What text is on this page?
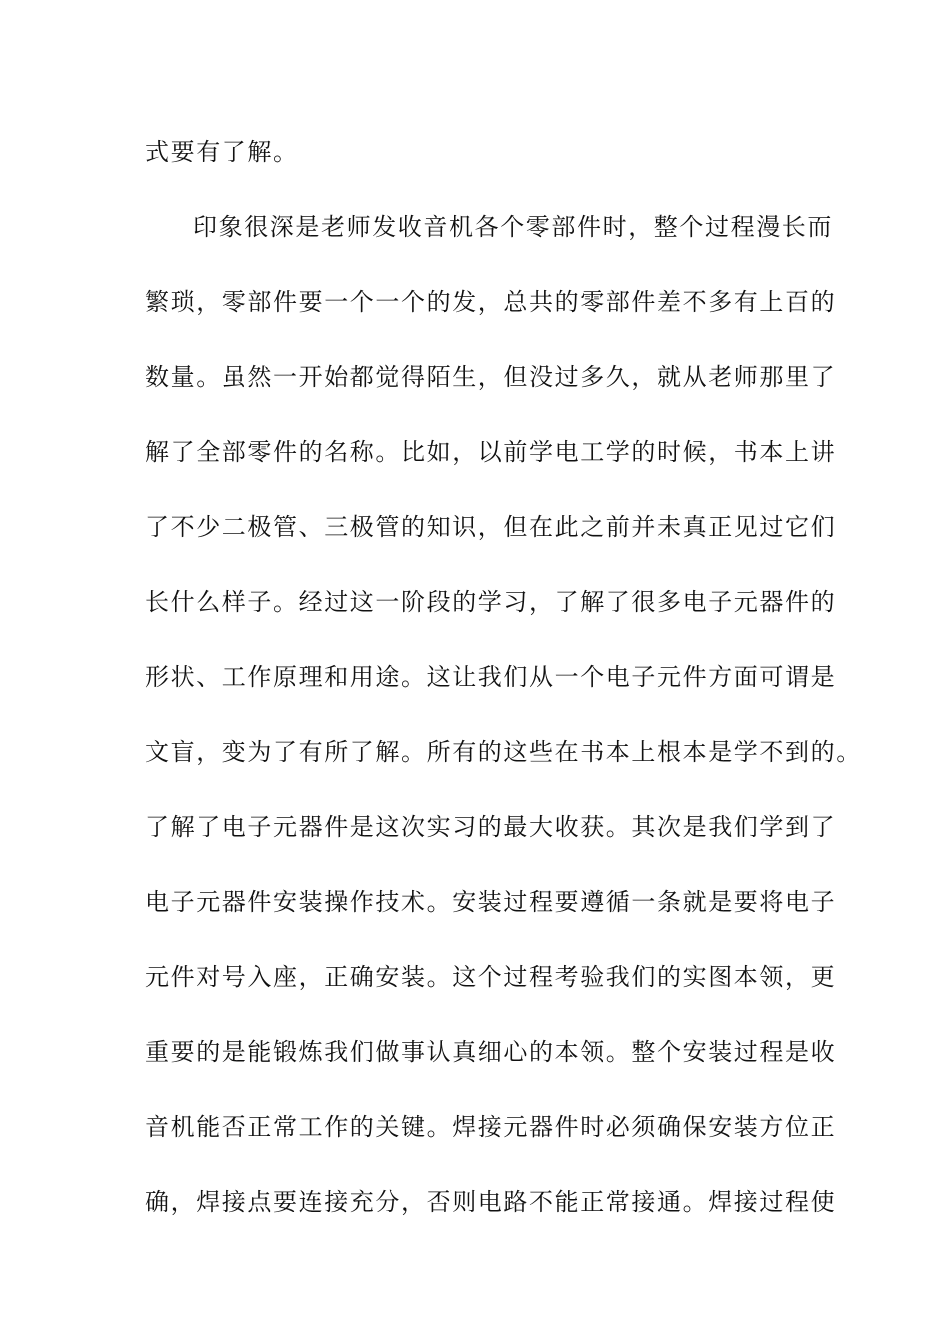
式要有了解。
印象很深是老师发收音机各个零部件时，整个过程漫长而
繁琐，零部件要一个一个的发，总共的零部件差不多有上百的
数量。虽然一开始都觉得陌生，但没过多久，就从老师那里了
解了全部零件的名称。比如，以前学电工学的时候，书本上讲
了不少二极管、三极管的知识，但在此之前并未真正见过它们
长什么样子。经过这一阶段的学习，了解了很多电子元器件的
形状、工作原理和用途。这让我们从一个电子元件方面可谓是
文盲，变为了有所了解。所有的这些在书本上根本是学不到的。
了解了电子元器件是这次实习的最大收获。其次是我们学到了
电子元器件安装操作技术。安装过程要遵循一条就是要将电子
元件对号入座，正确安装。这个过程考验我们的实图本领，更
重要的是能锻炼我们做事认真细心的本领。整个安装过程是收
音机能否正常工作的关键。焊接元器件时必须确保安装方位正
确，焊接点要连接充分，否则电路不能正常接通。焊接过程使
